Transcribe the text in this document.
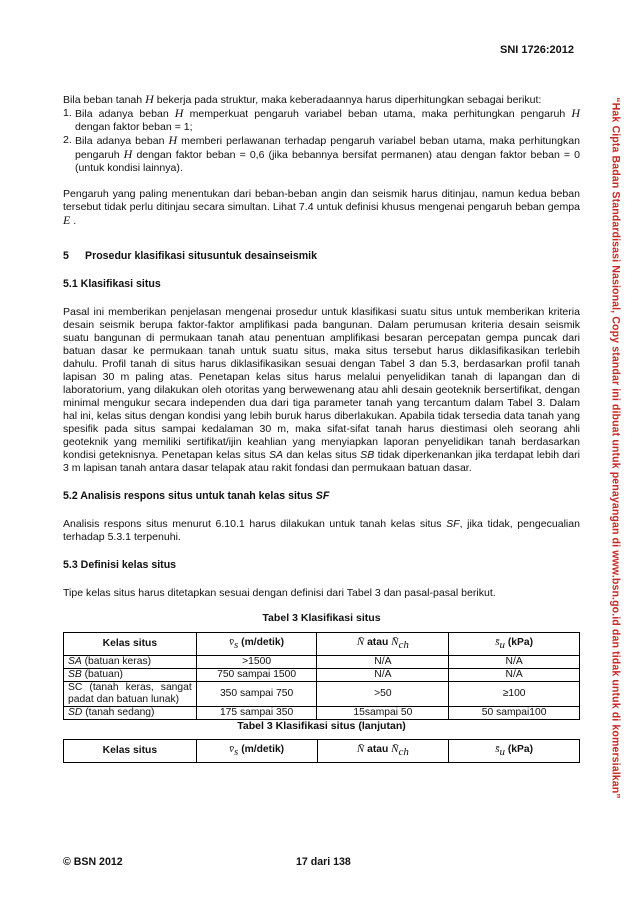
SNI 1726:2012
“Hak Cipta Badan Standardisasi Nasional, Copy standar ini dibuat untuk penayangan di www.bsn.go.id dan tidak untuk di komersialkan”

Bila beban tanah H bekerja pada struktur, maka keberadaannya harus diperhitungkan sebagai berikut:

1. Bila adanya beban H memperkuat pengaruh variabel beban utama, maka perhitungkan pengaruh H dengan faktor beban = 1;
2. Bila adanya beban H memberi perlawanan terhadap pengaruh variabel beban utama, maka perhitungkan pengaruh H dengan faktor beban = 0,6 (jika bebannya bersifat permanen) atau dengan faktor beban = 0 (untuk kondisi lainnya).

Pengaruh yang paling menentukan dari beban-beban angin dan seismik harus ditinjau, namun kedua beban tersebut tidak perlu ditinjau secara simultan. Lihat 7.4 untuk definisi khusus mengenai pengaruh beban gempa E .

5	Prosedur klasifikasi situsuntuk desainseismik
5.1 Klasifikasi situs

Pasal ini memberikan penjelasan mengenai prosedur untuk klasifikasi suatu situs untuk memberikan kriteria desain seismik berupa faktor-faktor amplifikasi pada bangunan. Dalam perumusan kriteria desain seismik suatu bangunan di permukaan tanah atau penentuan amplifikasi besaran percepatan gempa puncak dari batuan dasar ke permukaan tanah untuk suatu situs, maka situs tersebut harus diklasifikasikan terlebih dahulu. Profil tanah di situs harus diklasifikasikan sesuai dengan Tabel 3 dan 5.3, berdasarkan profil tanah lapisan 30 m paling atas. Penetapan kelas situs harus melalui penyelidikan tanah di lapangan dan di laboratorium, yang dilakukan oleh otoritas yang berwewenang atau ahli desain geoteknik bersertifikat, dengan minimal mengukur secara independen dua dari tiga parameter tanah yang tercantum dalam Tabel 3. Dalam hal ini, kelas situs dengan kondisi yang lebih buruk harus diberlakukan. Apabila tidak tersedia data tanah yang spesifik pada situs sampai kedalaman 30 m, maka sifat-sifat tanah harus diestimasi oleh seorang ahli geoteknik yang memiliki sertifikat/ijin keahlian yang menyiapkan laporan penyelidikan tanah berdasarkan kondisi geteknisnya. Penetapan kelas situs SA dan kelas situs SB tidak diperkenankan jika terdapat lebih dari 3 m lapisan tanah antara dasar telapak atau rakit fondasi dan permukaan batuan dasar.

5.2 Analisis respons situs untuk tanah kelas situs SF

Analisis respons situs menurut 6.10.1 harus dilakukan untuk tanah kelas situs SF, jika tidak, pengecualian terhadap 5.3.1 terpenuhi.

5.3 Definisi kelas situs

Tipe kelas situs harus ditetapkan sesuai dengan definisi dari Tabel 3 dan pasal-pasal berikut.

Tabel 3 Klasifikasi situs

Kelas situs	$v̄_s$ (m/detik)	N̄ atau $N̄_{ch}$	$s̄_u$ (kPa)
SA (batuan keras)	>1500	N/A	N/A
SB (batuan)	750 sampai 1500	N/A	N/A
SC (tanah keras, sangat padat dan batuan lunak)	350 sampai 750	>50	≥100
SD (tanah sedang)	175 sampai 350	15sampai 50	50 sampai100

Tabel 3 Klasifikasi situs (lanjutan)

Kelas situs	$v̄_s$ (m/detik)	N̄ atau $N̄_{ch}$	$s̄_u$ (kPa)
© BSN 2012	17 dari 138
